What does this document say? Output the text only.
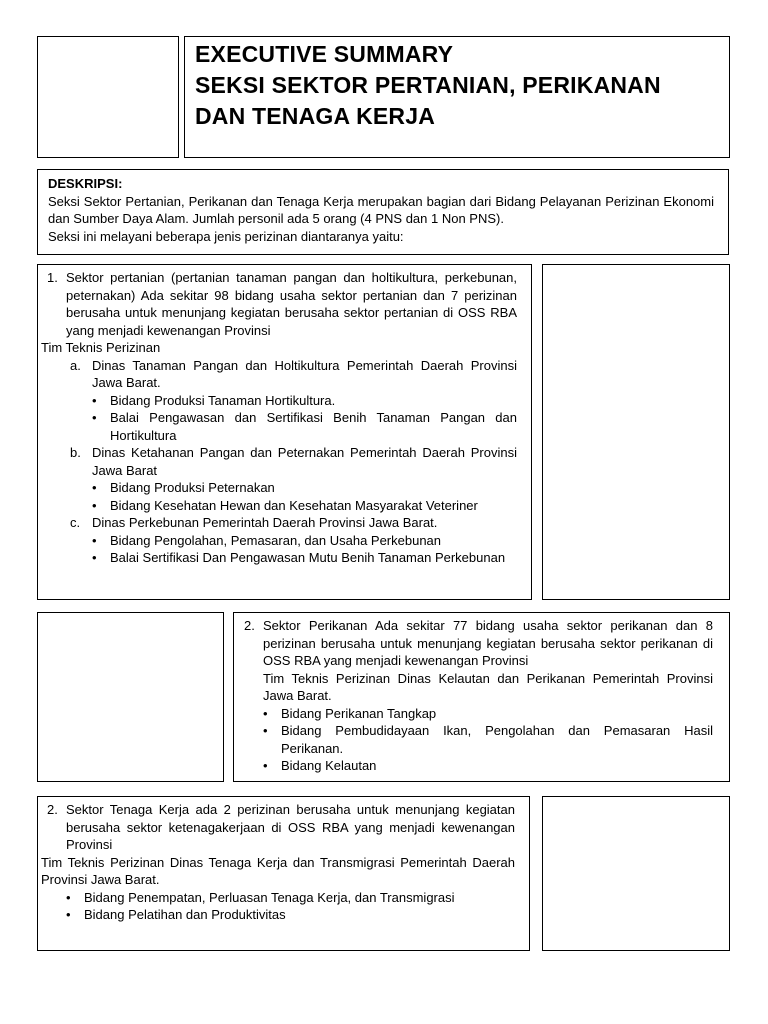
EXECUTIVE SUMMARY
SEKSI SEKTOR PERTANIAN, PERIKANAN
DAN TENAGA KERJA
DESKRIPSI:
Seksi Sektor Pertanian, Perikanan dan Tenaga Kerja merupakan bagian dari Bidang Pelayanan Perizinan Ekonomi dan Sumber Daya Alam. Jumlah personil ada 5 orang (4 PNS dan 1 Non PNS).
Seksi ini melayani beberapa jenis perizinan diantaranya yaitu:
1. Sektor pertanian (pertanian tanaman pangan dan holtikultura, perkebunan, peternakan) Ada sekitar 98 bidang usaha sektor pertanian dan 7 perizinan berusaha untuk menunjang kegiatan berusaha sektor pertanian di OSS RBA yang menjadi kewenangan Provinsi
Tim Teknis Perizinan
a. Dinas Tanaman Pangan dan Holtikultura Pemerintah Daerah Provinsi Jawa Barat.
•	Bidang Produksi Tanaman Hortikultura.
•	Balai Pengawasan dan Sertifikasi Benih Tanaman Pangan dan Hortikultura
b. Dinas Ketahanan Pangan dan Peternakan Pemerintah Daerah Provinsi Jawa Barat
•	Bidang Produksi Peternakan
•	Bidang Kesehatan Hewan dan Kesehatan Masyarakat Veteriner
c. Dinas Perkebunan Pemerintah Daerah Provinsi Jawa Barat.
•	Bidang Pengolahan, Pemasaran, dan Usaha Perkebunan
•	Balai Sertifikasi Dan Pengawasan Mutu Benih Tanaman Perkebunan
2. Sektor Perikanan Ada sekitar 77 bidang usaha sektor perikanan dan 8 perizinan berusaha untuk menunjang kegiatan berusaha sektor perikanan di OSS RBA yang menjadi kewenangan Provinsi
Tim Teknis Perizinan Dinas Kelautan dan Perikanan Pemerintah Provinsi Jawa Barat.
•	Bidang Perikanan Tangkap
•	Bidang Pembudidayaan Ikan, Pengolahan dan Pemasaran Hasil Perikanan.
•	Bidang Kelautan
2. Sektor Tenaga Kerja ada 2 perizinan berusaha untuk menunjang kegiatan berusaha sektor ketenagakerjaan di OSS RBA yang menjadi kewenangan Provinsi
Tim Teknis Perizinan Dinas Tenaga Kerja dan Transmigrasi Pemerintah Daerah Provinsi Jawa Barat.
•	Bidang Penempatan, Perluasan Tenaga Kerja, dan Transmigrasi
•	Bidang Pelatihan dan Produktivitas
